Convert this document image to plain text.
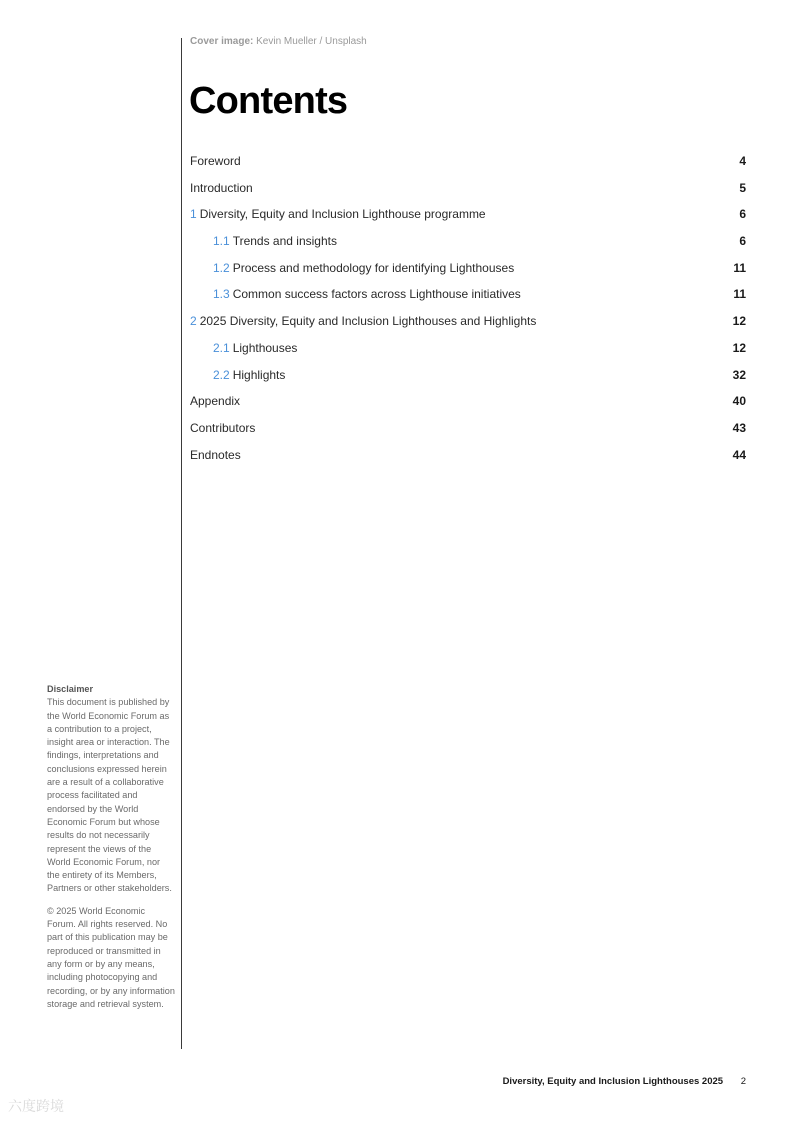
Cover image: Kevin Mueller / Unsplash
Contents
Foreword	4
Introduction	5
1 Diversity, Equity and Inclusion Lighthouse programme	6
1.1 Trends and insights	6
1.2 Process and methodology for identifying Lighthouses	11
1.3 Common success factors across Lighthouse initiatives	11
2 2025 Diversity, Equity and Inclusion Lighthouses and Highlights	12
2.1 Lighthouses	12
2.2 Highlights	32
Appendix	40
Contributors	43
Endnotes	44

Disclaimer

This document is published by the World Economic Forum as a contribution to a project, insight area or interaction. The findings, interpretations and conclusions expressed herein are a result of a collaborative process facilitated and endorsed by the World Economic Forum but whose results do not necessarily represent the views of the World Economic Forum, nor the entirety of its Members, Partners or other stakeholders.

© 2025 World Economic Forum. All rights reserved. No part of this publication may be reproduced or transmitted in any form or by any means, including photocopying and recording, or by any information storage and retrieval system.

Diversity, Equity and Inclusion Lighthouses 2025 2
六度跨境
